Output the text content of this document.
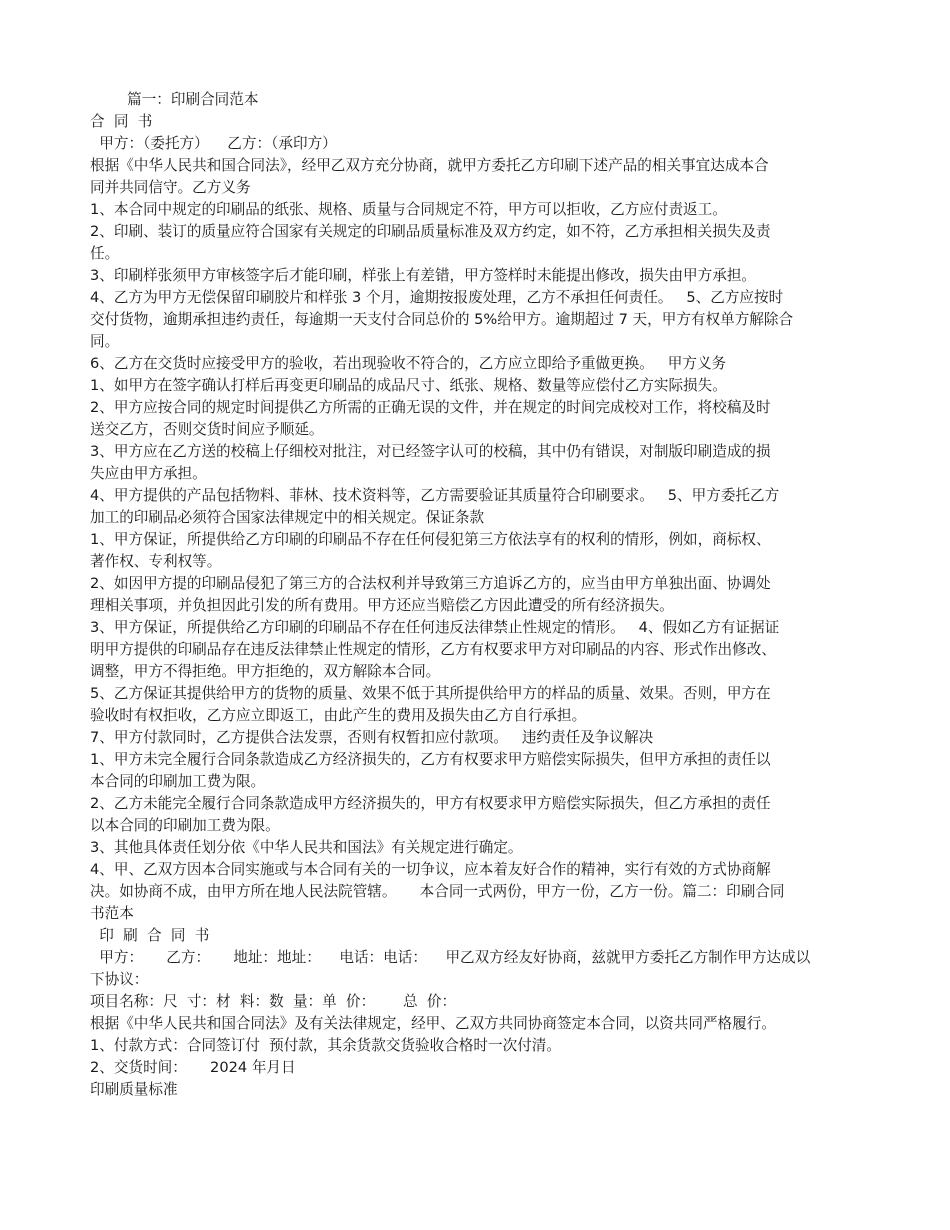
篇一：印刷合同范本
合  同  书
甲方：（委托方）    乙方：（承印方）
根据《中华人民共和国合同法》，经甲乙双方充分协商，就甲方委托乙方印刷下述产品的相关事宜达成本合
同并共同信守。乙方义务
1、本合同中规定的印刷品的纸张、规格、质量与合同规定不符，甲方可以拒收，乙方应付责返工。
2、印刷、装订的质量应符合国家有关规定的印刷品质量标准及双方约定，如不符，乙方承担相关损失及责
任。
3、印刷样张须甲方审核签字后才能印刷，样张上有差错，甲方签样时未能提出修改，损失由甲方承担。
4、乙方为甲方无偿保留印刷胶片和样张 3 个月，逾期按报废处理，乙方不承担任何责任。   5、乙方应按时
交付货物，逾期承担违约责任，每逾期一天支付合同总价的 5%给甲方。逾期超过 7 天，甲方有权单方解除合
同。
6、乙方在交货时应接受甲方的验收，若出现验收不符合的，乙方应立即给予重做更换。   甲方义务
1、如甲方在签字确认打样后再变更印刷品的成品尺寸、纸张、规格、数量等应偿付乙方实际损失。
2、甲方应按合同的规定时间提供乙方所需的正确无误的文件，并在规定的时间完成校对工作，将校稿及时
送交乙方，否则交货时间应予顺延。
3、甲方应在乙方送的校稿上仔细校对批注，对已经签字认可的校稿，其中仍有错误，对制版印刷造成的损
失应由甲方承担。
4、甲方提供的产品包括物料、菲林、技术资料等，乙方需要验证其质量符合印刷要求。   5、甲方委托乙方
加工的印刷品必须符合国家法律规定中的相关规定。保证条款
1、甲方保证，所提供给乙方印刷的印刷品不存在任何侵犯第三方依法享有的权利的情形，例如，商标权、
著作权、专利权等。
2、如因甲方提的印刷品侵犯了第三方的合法权利并导致第三方追诉乙方的，应当由甲方单独出面、协调处
理相关事项，并负担因此引发的所有费用。甲方还应当赔偿乙方因此遭受的所有经济损失。
3、甲方保证，所提供给乙方印刷的印刷品不存在任何违反法律禁止性规定的情形。   4、假如乙方有证据证
明甲方提供的印刷品存在违反法律禁止性规定的情形，乙方有权要求甲方对印刷品的内容、形式作出修改、
调整，甲方不得拒绝。甲方拒绝的，双方解除本合同。
5、乙方保证其提供给甲方的货物的质量、效果不低于其所提供给甲方的样品的质量、效果。否则，甲方在
验收时有权拒收，乙方应立即返工，由此产生的费用及损失由乙方自行承担。
7、甲方付款同时，乙方提供合法发票，否则有权暂扣应付款项。   违约责任及争议解决
1、甲方未完全履行合同条款造成乙方经济损失的，乙方有权要求甲方赔偿实际损失，但甲方承担的责任以
本合同的印刷加工费为限。
2、乙方未能完全履行合同条款造成甲方经济损失的，甲方有权要求甲方赔偿实际损失，但乙方承担的责任
以本合同的印刷加工费为限。
3、其他具体责任划分依《中华人民共和国法》有关规定进行确定。
4、甲、乙双方因本合同实施或与本合同有关的一切争议，应本着友好合作的精神，实行有效的方式协商解
决。如协商不成，由甲方所在地人民法院管辖。     本合同一式两份，甲方一份，乙方一份。篇二：印刷合同
书范本
印  刷  合  同  书
甲方：     乙方：     地址：地址：    电话：电话：    甲乙双方经友好协商，兹就甲方委托乙方制作甲方达成以
下协议：
项目名称：尺  寸：材  料：数  量：单  价：      总  价：
根据《中华人民共和国合同法》及有关法律规定，经甲、乙双方共同协商签定本合同，以资共同严格履行。
1、付款方式：合同签订付  预付款，其余货款交货验收合格时一次付清。
2、交货时间：     2024 年月日
印刷质量标准
